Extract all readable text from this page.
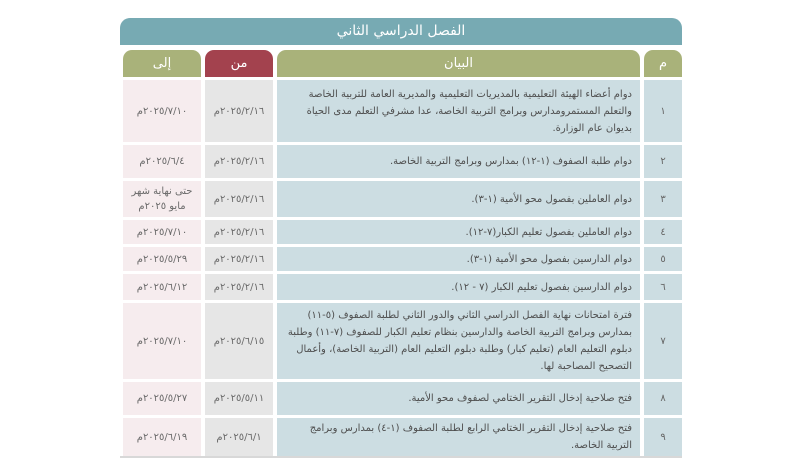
الفصل الدراسي الثاني
م
البيان
من
إلى
١
دوام أعضاء الهيئة التعليمية بالمديريات التعليمية والمديرية العامة للتربية الخاصة والتعلم المستمرومدارس وبرامج التربية الخاصة، عدا مشرفي التعلم مدى الحياة بديوان عام الوزارة.
٢٠٢٥/٢/١٦م
٢٠٢٥/٧/١٠م
٢
دوام طلبة الصفوف (١-١٢) بمدارس وبرامج التربية الخاصة.
٢٠٢٥/٢/١٦م
٢٠٢٥/٦/٤م
٣
دوام العاملين بفصول محو الأمية (١-٣).
٢٠٢٥/٢/١٦م
حتى نهاية شهر مايو ٢٠٢٥م
٤
دوام العاملين بفصول تعليم الكبار(٧-١٢).
٢٠٢٥/٢/١٦م
٢٠٢٥/٧/١٠م
٥
دوام الدارسين بفصول محو الأمية (١-٣).
٢٠٢٥/٢/١٦م
٢٠٢٥/٥/٢٩م
٦
دوام الدارسين بفصول تعليم الكبار (٧ - ١٢).
٢٠٢٥/٢/١٦م
٢٠٢٥/٦/١٢م
٧
فترة امتحانات نهاية الفصل الدراسي الثاني والدور الثاني لطلبة الصفوف (٥-١١) بمدارس وبرامج التربية الخاصة والدارسين بنظام تعليم الكبار للصفوف (٧-١١) وطلبة دبلوم التعليم العام (تعليم كبار) وطلبة دبلوم التعليم العام (التربية الخاصة)، وأعمال التصحيح المصاحبة لها.
٢٠٢٥/٦/١٥م
٢٠٢٥/٧/١٠م
٨
فتح صلاحية إدخال التقرير الختامي لصفوف محو الأمية.
٢٠٢٥/٥/١١م
٢٠٢٥/٥/٢٧م
٩
فتح صلاحية إدخال التقرير الختامي الرابع لطلبة الصفوف (١-٤) بمدارس وبرامج التربية الخاصة.
٢٠٢٥/٦/١م
٢٠٢٥/٦/١٩م
